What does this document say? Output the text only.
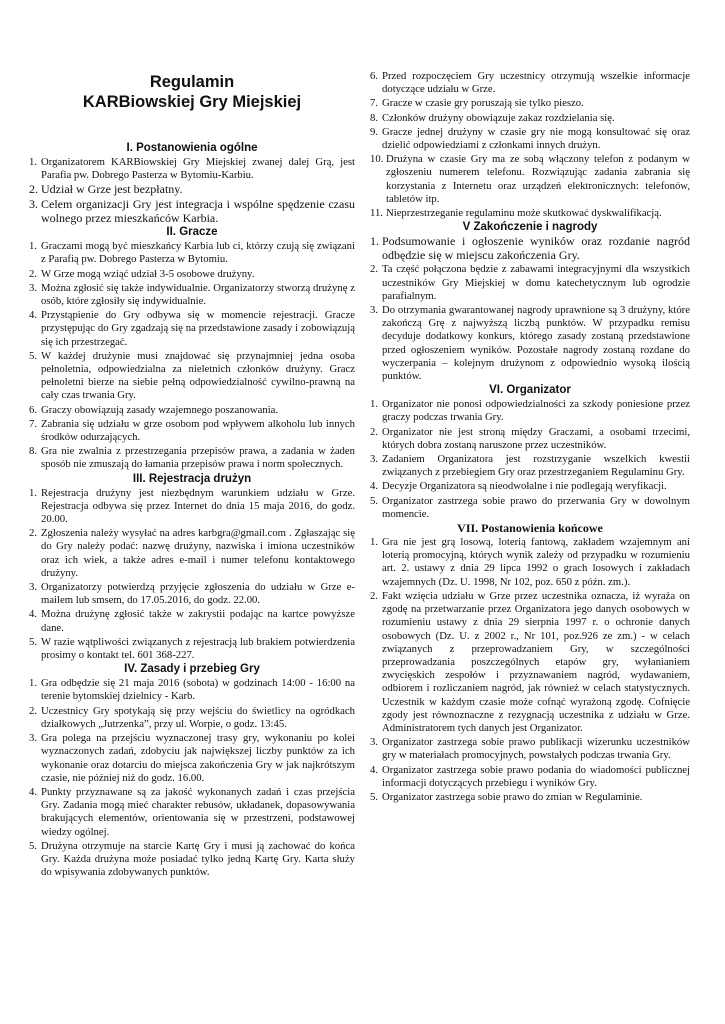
Regulamin
KARBiowskiej Gry Miejskiej
I. Postanowienia ogólne
1. Organizatorem KARBiowskiej Gry Miejskiej zwanej dalej Grą, jest Parafia pw. Dobrego Pasterza w Bytomiu-Karbiu.
2. Udział w Grze jest bezpłatny.
3. Celem organizacji Gry jest integracja i wspólne spędzenie czasu wolnego przez mieszkańców Karbia.
II. Gracze
1. Graczami mogą być mieszkańcy Karbia lub ci, którzy czują się związani z Parafią pw. Dobrego Pasterza w Bytomiu.
2. W Grze mogą wziąć udział 3-5 osobowe drużyny.
3. Można zgłosić się także indywidualnie. Organizatorzy stworzą drużynę z osób, które zgłosiły się indywidualnie.
4. Przystąpienie do Gry odbywa się w momencie rejestracji. Gracze przystępując do Gry zgadzają się na przedstawione zasady i zobowiązują się ich przestrzegać.
5. W każdej drużynie musi znajdować się przynajmniej jedna osoba pełnoletnia, odpowiedzialna za nieletnich członków drużyny. Gracz pełnoletni bierze na siebie pełną odpowiedzialność cywilno-prawną na cały czas trwania Gry.
6. Graczy obowiązują zasady wzajemnego poszanowania.
7. Zabrania się udziału w grze osobom pod wpływem alkoholu lub innych środków odurzających.
8. Gra nie zwalnia z przestrzegania przepisów prawa, a zadania w żaden sposób nie zmuszają do łamania przepisów prawa i norm społecznych.
III. Rejestracja drużyn
1. Rejestracja drużyny jest niezbędnym warunkiem udziału w Grze. Rejestracja odbywa się przez Internet do dnia 15 maja 2016, do godz. 20.00.
2. Zgłoszenia należy wysyłać na adres karbgra@gmail.com . Zgłaszając się do Gry należy podać: nazwę drużyny, nazwiska i imiona uczestników oraz ich wiek, a także adres e-mail i numer telefonu kontaktowego drużyny.
3. Organizatorzy potwierdzą przyjęcie zgłoszenia do udziału w Grze e-mailem lub smsem, do 17.05.2016, do godz. 22.00.
4. Można drużynę zgłosić także w zakrystii podając na kartce powyższe dane.
5. W razie wątpliwości związanych z rejestracją lub brakiem potwierdzenia prosimy o kontakt tel. 601 368-227.
IV. Zasady i przebieg Gry
1. Gra odbędzie się 21 maja 2016 (sobota) w godzinach 14:00 - 16:00 na terenie bytomskiej dzielnicy - Karb.
2. Uczestnicy Gry spotykają się przy wejściu do świetlicy na ogródkach działkowych „Jutrzenka”, przy ul. Worpie, o godz. 13:45.
3. Gra polega na przejściu wyznaczonej trasy gry, wykonaniu po kolei wyznaczonych zadań, zdobyciu jak największej liczby punktów za ich wykonanie oraz dotarciu do miejsca zakończenia Gry w jak najkrótszym czasie, nie później niż do godz. 16.00.
4. Punkty przyznawane są za jakość wykonanych zadań i czas przejścia Gry. Zadania mogą mieć charakter rebusów, układanek, dopasowywania brakujących elementów, orientowania się w przestrzeni, podstawowej wiedzy ogólnej.
5. Drużyna otrzymuje na starcie Kartę Gry i musi ją zachować do końca Gry. Każda drużyna może posiadać tylko jedną Kartę Gry. Karta służy do wpisywania zdobywanych punktów.
6. Przed rozpoczęciem Gry uczestnicy otrzymują wszelkie informacje dotyczące udziału w Grze.
7. Gracze w czasie gry poruszają sie tylko pieszo.
8. Członków drużyny obowiązuje zakaz rozdzielania się.
9. Gracze jednej drużyny w czasie gry nie mogą konsultować się oraz dzielić odpowiedziami z członkami innych drużyn.
10. Drużyna w czasie Gry ma ze sobą włączony telefon z podanym w zgłoszeniu numerem telefonu. Rozwiązując zadania zabrania się korzystania z Internetu oraz urządzeń elektronicznych: telefonów, tabletów itp.
11. Nieprzestrzeganie regulaminu może skutkować dyskwalifikacją.
V Zakończenie i nagrody
1. Podsumowanie i ogłoszenie wyników oraz rozdanie nagród odbędzie się w miejscu zakończenia Gry.
2. Ta część połączona będzie z zabawami integracyjnymi dla wszystkich uczestników Gry Miejskiej w domu katechetycznym lub ogrodzie parafialnym.
3. Do otrzymania gwarantowanej nagrody uprawnione są 3 drużyny, które zakończą Grę z najwyższą liczbą punktów. W przypadku remisu decyduje dodatkowy konkurs, którego zasady zostaną przedstawione przed ogłoszeniem wyników. Pozostałe nagrody zostaną rozdane do wyczerpania – kolejnym drużynom z odpowiednio wysoką ilością punktów.
VI. Organizator
1. Organizator nie ponosi odpowiedzialności za szkody poniesione przez graczy podczas trwania Gry.
2. Organizator nie jest stroną między Graczami, a osobami trzecimi, których dobra zostaną naruszone przez uczestników.
3. Zadaniem Organizatora jest rozstrzyganie wszelkich kwestii związanych z przebiegiem Gry oraz przestrzeganiem Regulaminu Gry.
4. Decyzje Organizatora są nieodwołalne i nie podlegają weryfikacji.
5. Organizator zastrzega sobie prawo do przerwania Gry w dowolnym momencie.
VII. Postanowienia końcowe
1. Gra nie jest grą losową, loterią fantową, zakładem wzajemnym ani loterią promocyjną, których wynik zależy od przypadku w rozumieniu art. 2. ustawy z dnia 29 lipca 1992 o grach losowych i zakładach wzajemnych (Dz. U. 1998, Nr 102, poz. 650 z późn. zm.).
2. Fakt wzięcia udziału w Grze przez uczestnika oznacza, iż wyraża on zgodę na przetwarzanie przez Organizatora jego danych osobowych w rozumieniu ustawy z dnia 29 sierpnia 1997 r. o ochronie danych osobowych (Dz. U. z 2002 r., Nr 101, poz.926 ze zm.) - w celach związanych z przeprowadzaniem Gry, w szczególności przeprowadzania poszczególnych etapów gry, wyłanianiem zwycięskich zespołów i przyznawaniem nagród, wydawaniem, odbiorem i rozliczaniem nagród, jak również w celach statystycznych. Uczestnik w każdym czasie może cofnąć wyrażoną zgodę. Cofnięcie zgody jest równoznaczne z rezygnacją uczestnika z udziału w Grze. Administratorem tych danych jest Organizator.
3. Organizator zastrzega sobie prawo publikacji wizerunku uczestników gry w materiałach promocyjnych, powstałych podczas trwania Gry.
4. Organizator zastrzega sobie prawo podania do wiadomości publicznej informacji dotyczących przebiegu i wyników Gry.
5. Organizator zastrzega sobie prawo do zmian w Regulaminie.
